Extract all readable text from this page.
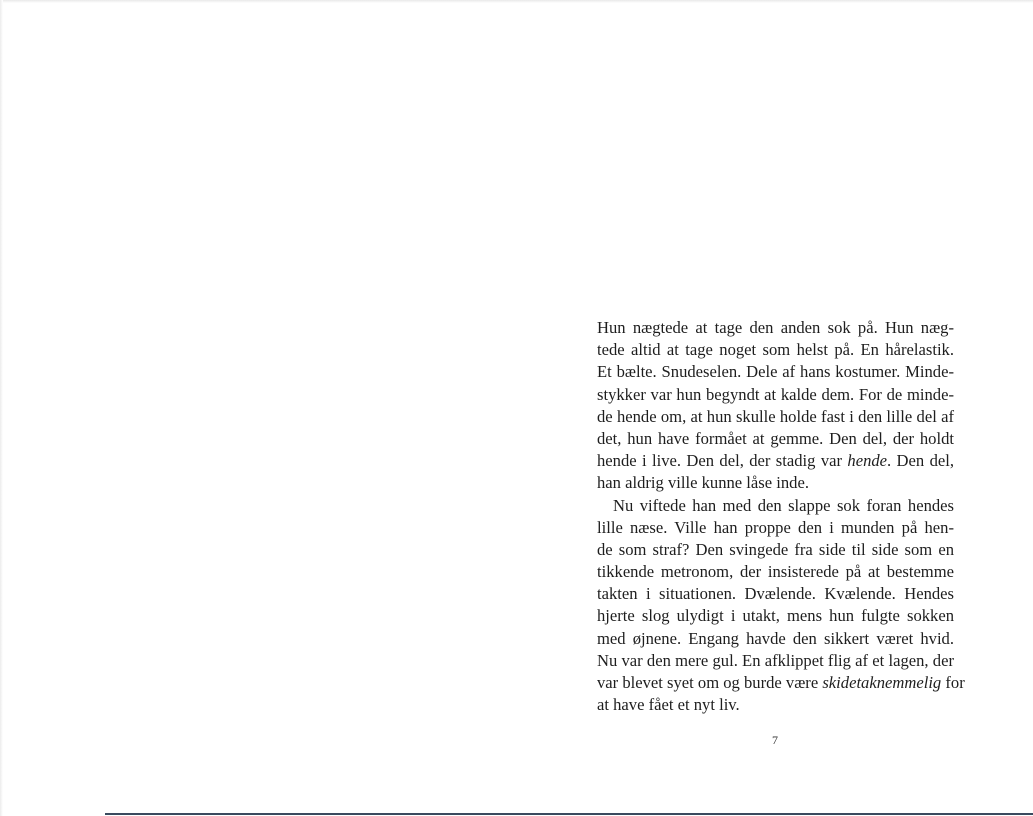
Hun nægtede at tage den anden sok på. Hun næg-
tede altid at tage noget som helst på. En hårelastik.
Et bælte. Snudeselen. Dele af hans kostumer. Minde-
stykker var hun begyndt at kalde dem. For de minde-
de hende om, at hun skulle holde fast i den lille del af
det, hun have formået at gemme. Den del, der holdt
hende i live. Den del, der stadig var hende. Den del,
han aldrig ville kunne låse inde.
Nu viftede han med den slappe sok foran hendes
lille næse. Ville han proppe den i munden på hen-
de som straf? Den svingede fra side til side som en
tikkende metronom, der insisterede på at bestemme
takten i situationen. Dvælende. Kvælende. Hendes
hjerte slog ulydigt i utakt, mens hun fulgte sokken
med øjnene. Engang havde den sikkert været hvid.
Nu var den mere gul. En afklippet flig af et lagen, der
var blevet syet om og burde være skidetaknemmelig for
at have fået et nyt liv.
7
